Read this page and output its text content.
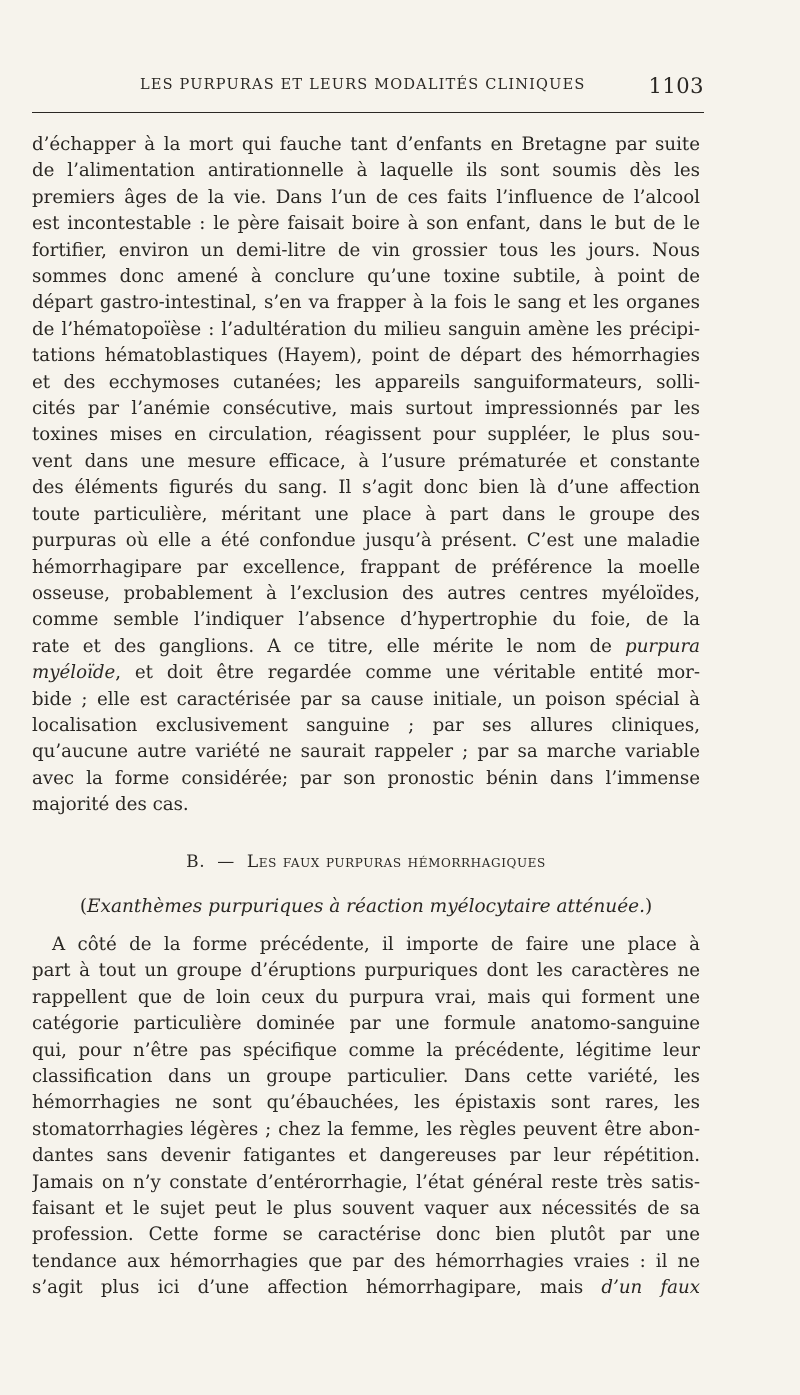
LES PURPURAS ET LEURS MODALITÉS CLINIQUES	1103
d’échapper à la mort qui fauche tant d’enfants en Bretagne par suite
de l’alimentation antirationnelle à laquelle ils sont soumis dès les
premiers âges de la vie. Dans l’un de ces faits l’influence de l’alcool
est incontestable : le père faisait boire à son enfant, dans le but de le
fortifier, environ un demi-litre de vin grossier tous les jours. Nous
sommes donc amené à conclure qu’une toxine subtile, à point de
départ gastro-intestinal, s’en va frapper à la fois le sang et les organes
de l’hématopoïèse : l’adultération du milieu sanguin amène les précipi-
tations hématoblastiques (Hayem), point de départ des hémorrhagies
et des ecchymoses cutanées; les appareils sanguiformateurs, solli-
cités par l’anémie consécutive, mais surtout impressionnés par les
toxines mises en circulation, réagissent pour suppléer, le plus sou-
vent dans une mesure efficace, à l’usure prématurée et constante
des éléments figurés du sang. Il s’agit donc bien là d’une affection
toute particulière, méritant une place à part dans le groupe des
purpuras où elle a été confondue jusqu’à présent. C’est une maladie
hémorrhagipare par excellence, frappant de préférence la moelle
osseuse, probablement à l’exclusion des autres centres myéloïdes,
comme semble l’indiquer l’absence d’hypertrophie du foie, de la
rate et des ganglions. A ce titre, elle mérite le nom de purpura
myéloïde, et doit être regardée comme une véritable entité mor-
bide ; elle est caractérisée par sa cause initiale, un poison spécial à
localisation exclusivement sanguine ; par ses allures cliniques,
qu’aucune autre variété ne saurait rappeler ; par sa marche variable
avec la forme considérée; par son pronostic bénin dans l’immense
majorité des cas.
B. — Les faux purpuras hémorrhagiques
(Exanthèmes purpuriques à réaction myélocytaire atténuée.)
A côté de la forme précédente, il importe de faire une place à
part à tout un groupe d’éruptions purpuriques dont les caractères ne
rappellent que de loin ceux du purpura vrai, mais qui forment une
catégorie particulière dominée par une formule anatomo-sanguine
qui, pour n’être pas spécifique comme la précédente, légitime leur
classification dans un groupe particulier. Dans cette variété, les
hémorrhagies ne sont qu’ébauchées, les épistaxis sont rares, les
stomatorrhagies légères ; chez la femme, les règles peuvent être abon-
dantes sans devenir fatigantes et dangereuses par leur répétition.
Jamais on n’y constate d’entérorrhagie, l’état général reste très satis-
faisant et le sujet peut le plus souvent vaquer aux nécessités de sa
profession. Cette forme se caractérise donc bien plutôt par une
tendance aux hémorrhagies que par des hémorrhagies vraies : il ne
s’agit plus ici d’une affection hémorrhagipare, mais d’un faux
